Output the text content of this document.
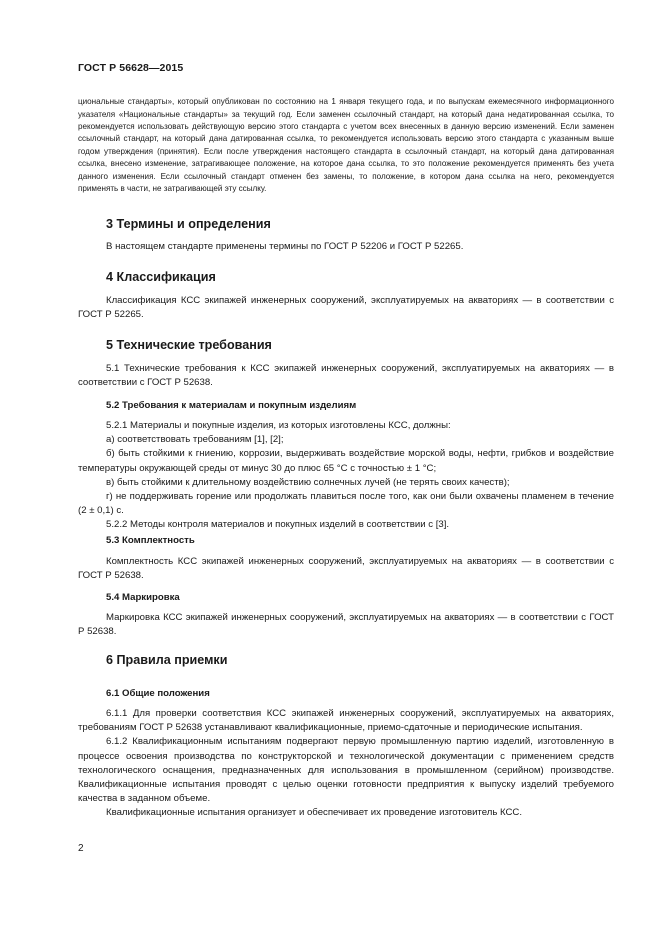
ГОСТ Р 56628—2015

циональные стандарты», который опубликован по состоянию на 1 января текущего года, и по выпускам ежемесячного информационного указателя «Национальные стандарты» за текущий год. Если заменен ссылочный стандарт, на который дана недатированная ссылка, то рекомендуется использовать действующую версию этого стандарта с учетом всех внесенных в данную версию изменений. Если заменен ссылочный стандарт, на который дана датированная ссылка, то рекомендуется использовать версию этого стандарта с указанным выше годом утверждения (принятия). Если после утверждения настоящего стандарта в ссылочный стандарт, на который дана датированная ссылка, внесено изменение, затрагивающее положение, на которое дана ссылка, то это положение рекомендуется применять без учета данного изменения. Если ссылочный стандарт отменен без замены, то положение, в котором дана ссылка на него, рекомендуется применять в части, не затрагивающей эту ссылку.

3 Термины и определения

В настоящем стандарте применены термины по ГОСТ Р 52206 и ГОСТ Р 52265.

4 Классификация

Классификация КСС экипажей инженерных сооружений, эксплуатируемых на акваториях — в соответствии с ГОСТ Р 52265.

5 Технические требования

5.1 Технические требования к КСС экипажей инженерных сооружений, эксплуатируемых на акваториях — в соответствии с ГОСТ Р 52638.

5.2 Требования к материалам и покупным изделиям

5.2.1 Материалы и покупные изделия, из которых изготовлены КСС, должны:

а) соответствовать требованиям [1], [2];

б) быть стойкими к гниению, коррозии, выдерживать воздействие морской воды, нефти, грибков и воздействие температуры окружающей среды от минус 30 до плюс 65 °С с точностью ± 1 °С;

в) быть стойкими к длительному воздействию солнечных лучей (не терять своих качеств);

г) не поддерживать горение или продолжать плавиться после того, как они были охвачены пламенем в течение (2 ± 0,1) с.

5.2.2 Методы контроля материалов и покупных изделий в соответствии с [3].

5.3 Комплектность

Комплектность КСС экипажей инженерных сооружений, эксплуатируемых на акваториях — в соответствии с ГОСТ Р 52638.

5.4 Маркировка

Маркировка КСС экипажей инженерных сооружений, эксплуатируемых на акваториях — в соответствии с ГОСТ Р 52638.

6 Правила приемки

6.1 Общие положения

6.1.1 Для проверки соответствия КСС экипажей инженерных сооружений, эксплуатируемых на акваториях, требованиям ГОСТ Р 52638 устанавливают квалификационные, приемо-сдаточные и периодические испытания.

6.1.2 Квалификационным испытаниям подвергают первую промышленную партию изделий, изготовленную в процессе освоения производства по конструкторской и технологической документации с применением средств технологического оснащения, предназначенных для использования в промышленном (серийном) производстве. Квалификационные испытания проводят с целью оценки готовности предприятия к выпуску изделий требуемого качества в заданном объеме.

Квалификационные испытания организует и обеспечивает их проведение изготовитель КСС.

2
